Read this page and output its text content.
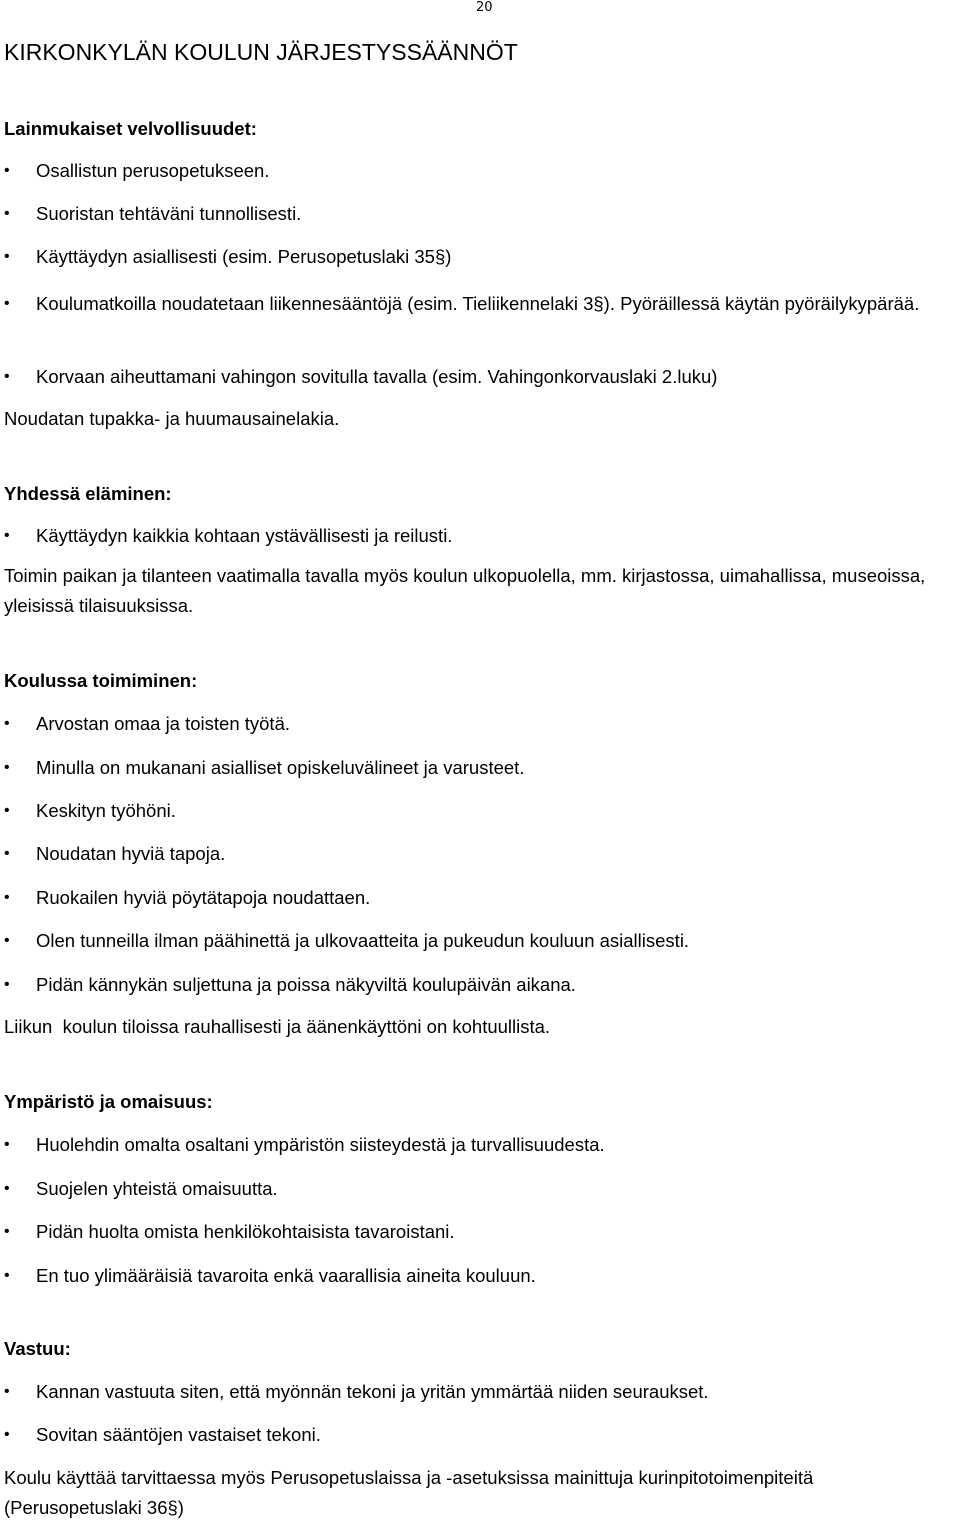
20
KIRKONKYLÄN KOULUN JÄRJESTYSSÄÄNNÖT
Lainmukaiset velvollisuudet:
•	Osallistun perusopetukseen.
•	Suoristan tehtäväni tunnollisesti.
•	Käyttäydyn asiallisesti (esim. Perusopetuslaki 35§)
•	Koulumatkoilla noudatetaan liikennesääntöjä (esim. Tieliikennelaki 3§). Pyöräillessä käytän pyöräilykypärää.
•	Korvaan aiheuttamani vahingon sovitulla tavalla (esim. Vahingonkorvauslaki 2.luku)
Noudatan tupakka- ja huumausainelakia.
Yhdessä eläminen:
•	Käyttäydyn kaikkia kohtaan ystävällisesti ja reilusti.
Toimin paikan ja tilanteen vaatimalla tavalla myös koulun ulkopuolella, mm. kirjastossa, uimahallissa, museoissa, yleisissä tilaisuuksissa.
Koulussa toimiminen:
•	Arvostan omaa ja toisten työtä.
•	Minulla on mukanani asialliset opiskeluvälineet ja varusteet.
•	Keskityn työhöni.
•	Noudatan hyviä tapoja.
•	Ruokailen hyviä pöytätapoja noudattaen.
•	Olen tunneilla ilman päähinettä ja ulkovaatteita ja pukeudun kouluun asiallisesti.
•	Pidän kännykän suljettuna ja poissa näkyviltä koulupäivän aikana.
Liikun  koulun tiloissa rauhallisesti ja äänenkäyttöni on kohtuullista.
Ympäristö ja omaisuus:
•	Huolehdin omalta osaltani ympäristön siisteydestä ja turvallisuudesta.
•	Suojelen yhteistä omaisuutta.
•	Pidän huolta omista henkilökohtaisista tavaroistani.
•	En tuo ylimääräisiä tavaroita enkä vaarallisia aineita kouluun.
Vastuu:
•	Kannan vastuuta siten, että myönnän tekoni ja yritän ymmärtää niiden seuraukset.
•	Sovitan sääntöjen vastaiset tekoni.
Koulu käyttää tarvittaessa myös Perusopetuslaissa ja -asetuksissa mainittuja kurinpitotoimenpiteitä (Perusopetuslaki 36§)
